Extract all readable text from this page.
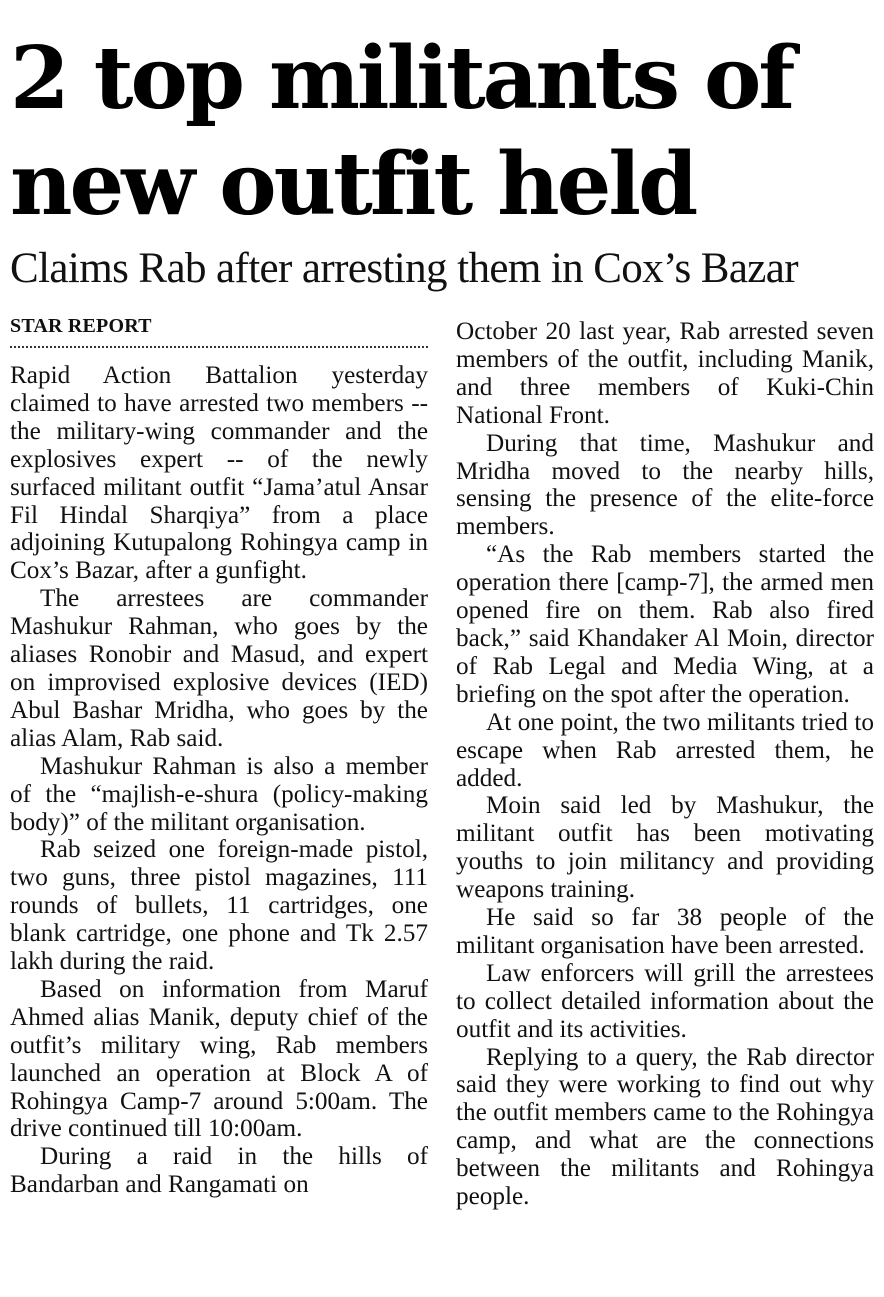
2 top militants of
new outfit held
Claims Rab after arresting them in Cox’s Bazar
STAR REPORT

Rapid Action Battalion yesterday claimed to have arrested two members -- the military-wing commander and the explosives expert -- of the newly surfaced militant outfit “Jama’atul Ansar Fil Hindal Sharqiya” from a place adjoining Kutupalong Rohingya camp in Cox’s Bazar, after a gunfight.

The arrestees are commander Mashukur Rahman, who goes by the aliases Ronobir and Masud, and expert on improvised explosive devices (IED) Abul Bashar Mridha, who goes by the alias Alam, Rab said.

Mashukur Rahman is also a member of the “majlish-e-shura (policy-making body)” of the militant organisation.

Rab seized one foreign-made pistol, two guns, three pistol magazines, 111 rounds of bullets, 11 cartridges, one blank cartridge, one phone and Tk 2.57 lakh during the raid.

Based on information from Maruf Ahmed alias Manik, deputy chief of the outfit’s military wing, Rab members launched an operation at Block A of Rohingya Camp-7 around 5:00am. The drive continued till 10:00am.

During a raid in the hills of Bandarban and Rangamati on

October 20 last year, Rab arrested seven members of the outfit, including Manik, and three members of Kuki-Chin National Front.

During that time, Mashukur and Mridha moved to the nearby hills, sensing the presence of the elite-force members.

“As the Rab members started the operation there [camp-7], the armed men opened fire on them. Rab also fired back,” said Khandaker Al Moin, director of Rab Legal and Media Wing, at a briefing on the spot after the operation.

At one point, the two militants tried to escape when Rab arrested them, he added.

Moin said led by Mashukur, the militant outfit has been motivating youths to join militancy and providing weapons training.

He said so far 38 people of the militant organisation have been arrested.

Law enforcers will grill the arrestees to collect detailed information about the outfit and its activities.

Replying to a query, the Rab director said they were working to find out why the outfit members came to the Rohingya camp, and what are the connections between the militants and Rohingya people.
